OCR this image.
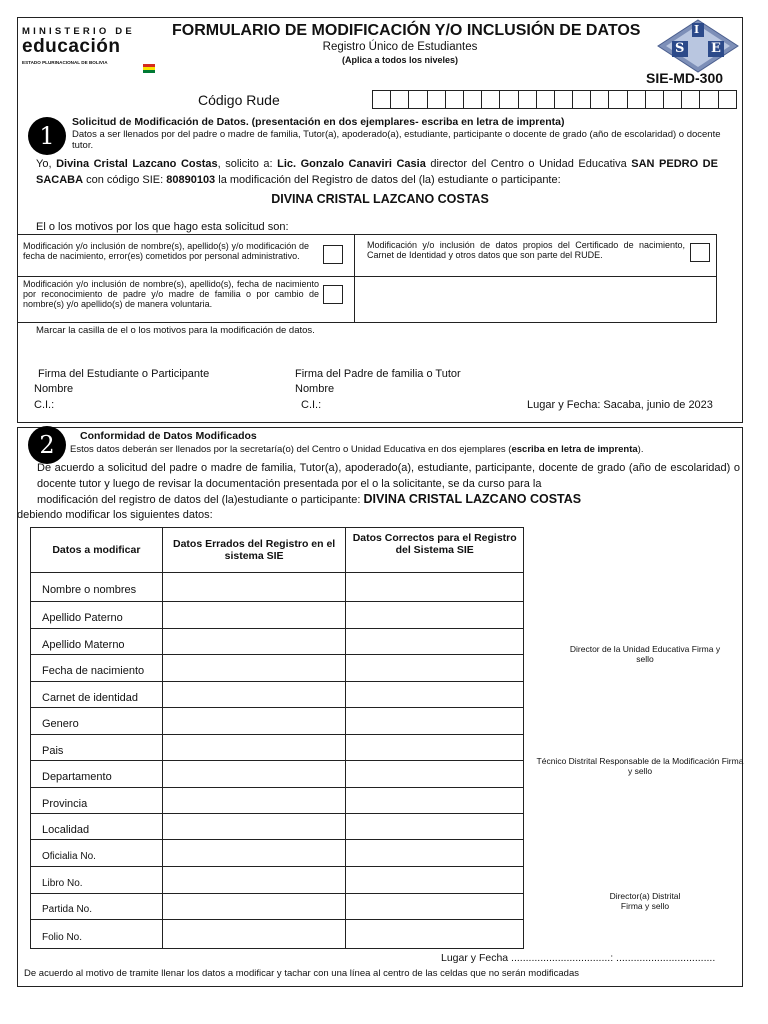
MINISTERIO DE
educación
ESTADO PLURINACIONAL DE BOLIVIA
FORMULARIO DE MODIFICACIÓN Y/O INCLUSIÓN DE DATOS
Registro Único de Estudiantes
(Aplica a todos los niveles)
I
S E
SIE-MD-300
Código Rude
1	Solicitud de Modificación de Datos. (presentación en dos ejemplares- escriba en letra de imprenta)
Datos a ser llenados por del padre o madre de familia, Tutor(a), apoderado(a), estudiante, participante o docente de grado (año de escolaridad) o docente tutor.
Yo, Divina Cristal Lazcano Costas, solicito a: Lic. Gonzalo Canaviri Casia director del Centro o Unidad Educativa SAN PEDRO DE SACABA con código SIE: 80890103 la modificación del Registro de datos del (la) estudiante o participante:
DIVINA CRISTAL LAZCANO COSTAS
El o los motivos por los que hago esta solicitud son:
Modificación y/o inclusión de nombre(s), apellido(s) y/o modificación de fecha de nacimiento, error(es) cometidos por personal administrativo.
Modificación y/o inclusión de datos propios del Certificado de nacimiento, Carnet de Identidad y otros datos que son parte del RUDE.
Modificación y/o inclusión de nombre(s), apellido(s), fecha de nacimiento por reconocimiento de padre y/o madre de familia o por cambio de nombre(s) y/o apellido(s) de manera voluntaria.
Marcar la casilla de el o los motivos para la modificación de datos.
Firma del Estudiante o Participante	Firma del Padre de familia o Tutor
Nombre	Nombre
C.I.:	C.I.:	Lugar y Fecha: Sacaba, junio de 2023
2	Conformidad de Datos Modificados
Estos datos deberán ser llenados por la secretaría(o) del Centro o Unidad Educativa en dos ejemplares (escriba en letra de imprenta).
De acuerdo a solicitud del padre o madre de familia, Tutor(a), apoderado(a), estudiante, participante, docente de grado (año de escolaridad) o docente tutor y luego de revisar la documentación presentada por el o la solicitante, se da curso para la
modificación del registro de datos del (la)estudiante o participante: DIVINA CRISTAL LAZCANO COSTAS
debiendo modificar los siguientes datos:
Datos a modificar	Datos Errados del Registro en el sistema SIE	Datos Correctos para el Registro del Sistema SIE
Nombre o nombres		
Apellido Paterno		
Apellido Materno		
Fecha de nacimiento		
Carnet de identidad		
Genero		
Pais		
Departamento		
Provincia		
Localidad		
Oficialia No.		
Libro No.		
Partida No.		
Folio No.		
Director de la Unidad Educativa Firma y sello
Técnico Distrital Responsable de la Modificación Firma y sello
Director(a) Distrital Firma y sello
Lugar y Fecha ..................................: ..................................
De acuerdo al motivo de tramite llenar los datos a modificar y tachar con una línea al centro de las celdas que no serán modificadas
